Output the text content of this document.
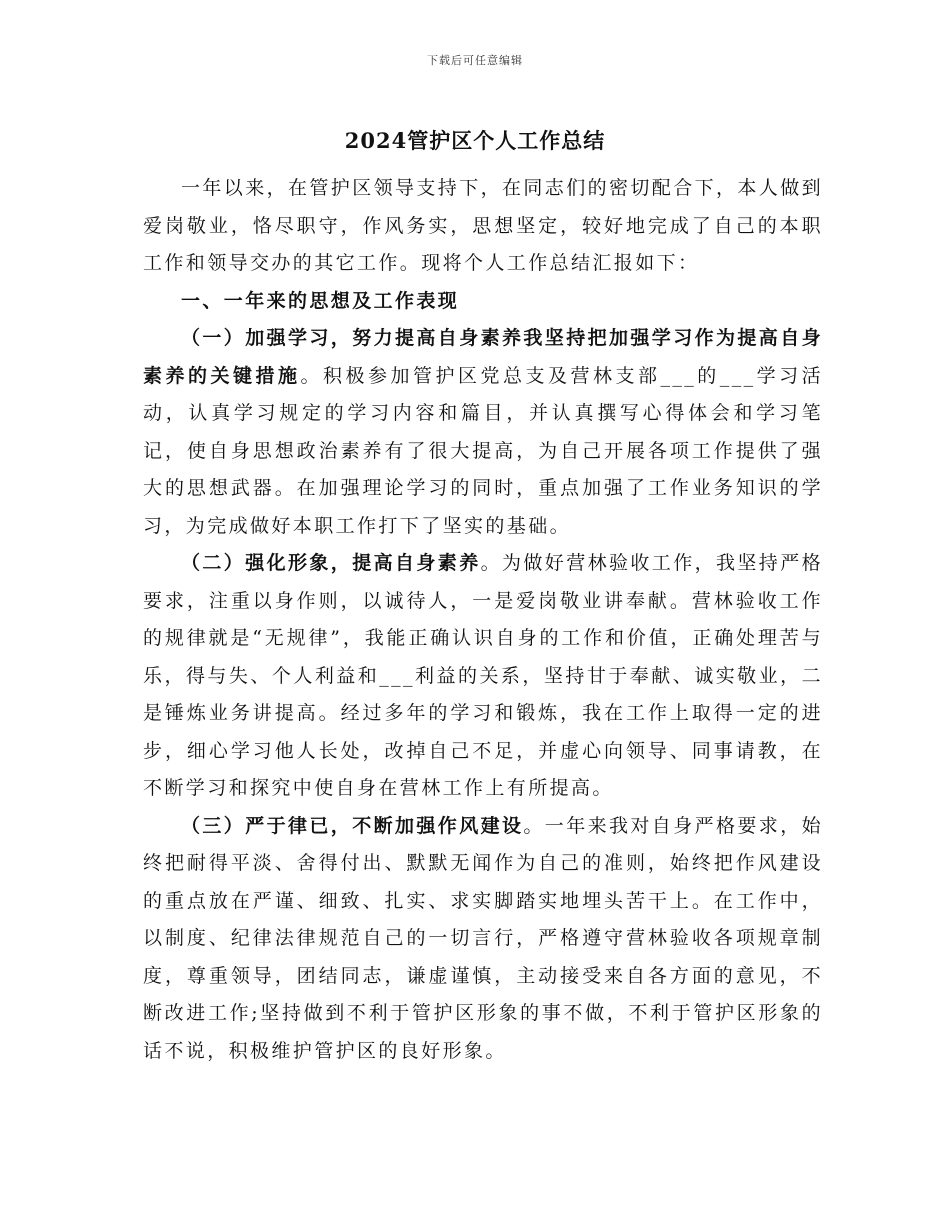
下载后可任意编辑
2024管护区个人工作总结

一年以来，在管护区领导支持下，在同志们的密切配合下，本人做到爱岗敬业，恪尽职守，作风务实，思想坚定，较好地完成了自己的本职工作和领导交办的其它工作。现将个人工作总结汇报如下：

一、一年来的思想及工作表现

（一）加强学习，努力提高自身素养我坚持把加强学习作为提高自身素养的关键措施。积极参加管护区党总支及营林支部___的___学习活动，认真学习规定的学习内容和篇目，并认真撰写心得体会和学习笔记，使自身思想政治素养有了很大提高，为自己开展各项工作提供了强大的思想武器。在加强理论学习的同时，重点加强了工作业务知识的学习，为完成做好本职工作打下了坚实的基础。

（二）强化形象，提高自身素养。为做好营林验收工作，我坚持严格要求，注重以身作则，以诚待人，一是爱岗敬业讲奉献。营林验收工作的规律就是“无规律”，我能正确认识自身的工作和价值，正确处理苦与乐，得与失、个人利益和___利益的关系，坚持甘于奉献、诚实敬业，二是锤炼业务讲提高。经过多年的学习和锻炼，我在工作上取得一定的进步，细心学习他人长处，改掉自己不足，并虚心向领导、同事请教，在不断学习和探究中使自身在营林工作上有所提高。

（三）严于律已，不断加强作风建设。一年来我对自身严格要求，始终把耐得平淡、舍得付出、默默无闻作为自己的准则，始终把作风建设的重点放在严谨、细致、扎实、求实脚踏实地埋头苦干上。在工作中，以制度、纪律法律规范自己的一切言行，严格遵守营林验收各项规章制度，尊重领导，团结同志，谦虚谨慎，主动接受来自各方面的意见，不断改进工作;坚持做到不利于管护区形象的事不做，不利于管护区形象的话不说，积极维护管护区的良好形象。
